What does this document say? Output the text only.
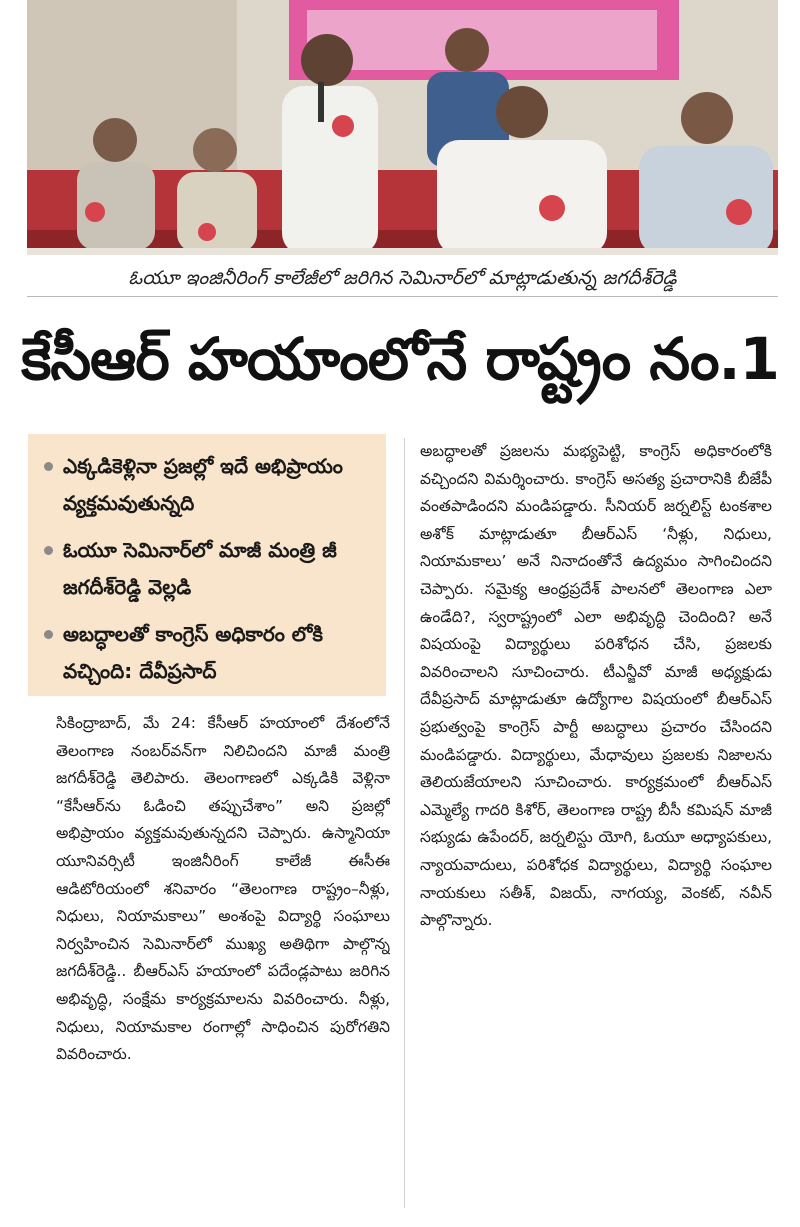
ఓయూ ఇంజినీరింగ్ కాలేజీలో జరిగిన సెమినార్‌లో మాట్లాడుతున్న జగదీశ్‌రెడ్డి
కేసీఆర్ హయాంలోనే రాష్ట్రం నం.1
ఎక్కడికెళ్లినా ప్రజల్లో ఇదే అభిప్రాయం వ్యక్తమవుతున్నది
ఓయూ సెమినార్‌లో మాజీ మంత్రి జీ జగదీశ్‌రెడ్డి వెల్లడి
అబద్ధాలతో కాంగ్రెస్ అధికారం లోకి వచ్చింది: దేవీప్రసాద్
సికింద్రాబాద్, మే 24: కేసీఆర్ హయాంలో దేశంలోనే తెలంగాణ నంబర్‌వన్‌గా నిలిచిందని మాజీ మంత్రి జగదీశ్‌రెడ్డి తెలిపారు. తెలంగాణలో ఎక్కడికి వెళ్లినా “కేసీఆర్‌ను ఓడించి తప్పుచేశాం” అని ప్రజల్లో అభిప్రాయం వ్యక్తమవుతున్నదని చెప్పారు. ఉస్మానియా యూనివర్సిటీ ఇంజినీరింగ్ కాలేజీ ఈసీఈ ఆడిటోరియంలో శనివారం “తెలంగాణ రాష్ట్రం–నీళ్లు, నిధులు, నియామకాలు” అంశంపై విద్యార్థి సంఘాలు నిర్వహించిన సెమినార్‌లో ముఖ్య అతిథిగా పాల్గొన్న జగదీశ్‌రెడ్డి.. బీఆర్‌ఎస్ హయాంలో పదేండ్లపాటు జరిగిన అభివృద్ధి, సంక్షేమ కార్యక్రమాలను వివరించారు. నీళ్లు, నిధులు, నియామకాల రంగాల్లో సాధించిన పురోగతిని వివరించారు.
అబద్ధాలతో ప్రజలను మభ్యపెట్టి, కాంగ్రెస్ అధికారంలోకి వచ్చిందని విమర్శించారు. కాంగ్రెస్ అసత్య ప్రచారానికి బీజేపీ వంతపాడిందని మండిపడ్డారు. సీనియర్ జర్నలిస్ట్ టంకశాల అశోక్ మాట్లాడుతూ బీఆర్‌ఎస్ ‘నీళ్లు, నిధులు, నియామకాలు’ అనే నినాదంతోనే ఉద్యమం సాగించిందని చెప్పారు. సమైక్య ఆంధ్రప్రదేశ్ పాలనలో తెలంగాణ ఎలా ఉండేది?, స్వరాష్ట్రంలో ఎలా అభివృద్ధి చెందింది? అనే విషయంపై విద్యార్థులు పరిశోధన చేసి, ప్రజలకు వివరించాలని సూచించారు. టీఎన్జీవో మాజీ అధ్యక్షుడు దేవీప్రసాద్ మాట్లాడుతూ ఉద్యోగాల విషయంలో బీఆర్‌ఎస్ ప్రభుత్వంపై కాంగ్రెస్ పార్టీ అబద్ధాలు ప్రచారం చేసిందని మండిపడ్డారు. విద్యార్థులు, మేధావులు ప్రజలకు నిజాలను తెలియజేయాలని సూచించారు. కార్యక్రమంలో బీఆర్‌ఎస్ ఎమ్మెల్యే గాదరి కిశోర్, తెలంగాణ రాష్ట్ర బీసీ కమిషన్ మాజీ సభ్యుడు ఉపేందర్, జర్నలిస్టు యోగి, ఓయూ అధ్యాపకులు, న్యాయవాదులు, పరిశోధక విద్యార్థులు, విద్యార్థి సంఘాల నాయకులు సతీశ్, విజయ్, నాగయ్య, వెంకట్, నవీన్ పాల్గొన్నారు.
